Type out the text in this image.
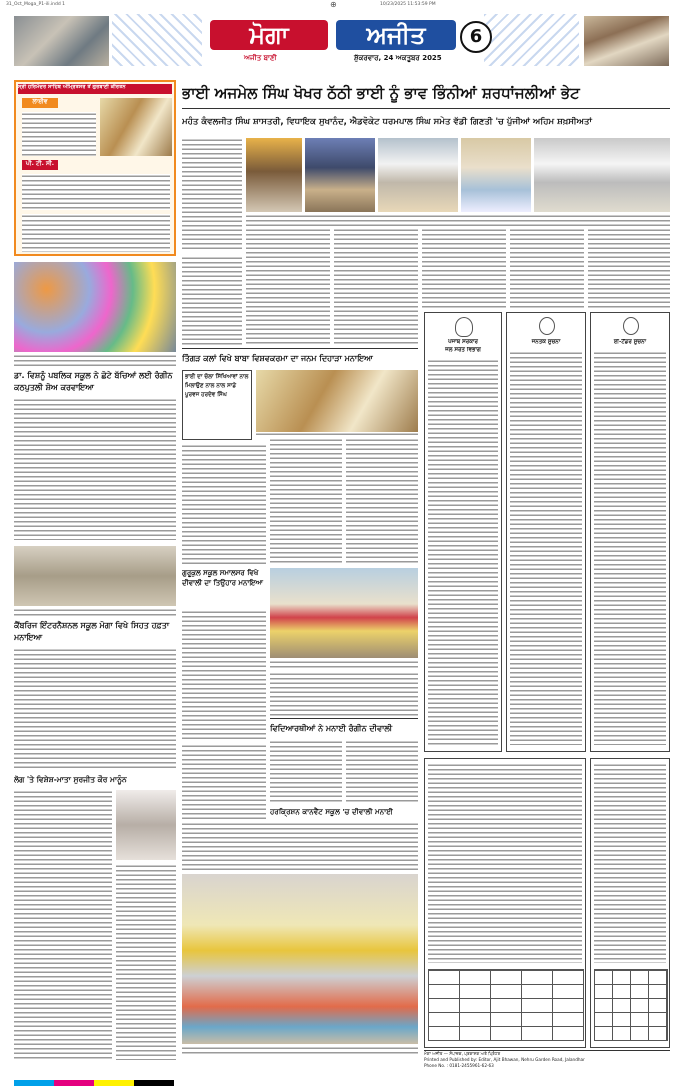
31_Oct_Moga_P1-ili.indd 1	⊕	10/23/2025 11:53:59 PM
ਮੋਗਾ	ਅਜੀਤ
ਅਜੀਤ ਬਾਣੀ	ਸ਼ੁੱਕਰਵਾਰ, 24 ਅਕਤੂਬਰ 2025
6
ਸ੍ਰੀ ਹਰਿਮੰਦਰ ਸਾਹਿਬ ਅੰਮ੍ਰਿਤਸਰ ਤੋਂ ਗੁਰਬਾਣੀ ਕੀਰਤਨ
ਲਾਈਵ
ਪੀ. ਟੀ. ਸੀ.
ਡਾ. ਵਿਸ਼ਨੂੰ ਪਬਲਿਕ ਸਕੂਲ ਨੇ ਛੋਟੇ ਬੱਚਿਆਂ ਲਈ ਰੰਗੀਨ ਕਠਪੁਤਲੀ ਸ਼ੋਅ ਕਰਵਾਇਆ
ਕੈਂਬਰਿਜ ਇੰਟਰਨੈਸ਼ਨਲ ਸਕੂਲ ਮੋਗਾ ਵਿਖੇ ਸਿਹਤ ਹਫ਼ਤਾ ਮਨਾਇਆ
ਲੋਗ 'ਤੇ ਵਿਸ਼ੇਸ਼-ਮਾਤਾ ਸੁਰਜੀਤ ਕੌਰ ਮਾਨੂੰਨ
ਭਾਈ ਅਜਮੇਲ ਸਿੰਘ ਖੋਖਰ ਠੱਠੀ ਭਾਈ ਨੂੰ ਭਾਵ ਭਿੰਨੀਆਂ ਸ਼ਰਧਾਂਜਲੀਆਂ ਭੇਟ
ਮਹੰਤ ਕੰਵਲਜੀਤ ਸਿੰਘ ਸ਼ਾਸਤਰੀ, ਵਿਧਾਇਕ ਸੁਖਾਨੰਦ, ਐਡਵੋਕੇਟ ਧਰਮਪਾਲ ਸਿੰਘ ਸਮੇਤ ਵੱਡੀ ਗਿਣਤੀ 'ਚ ਪੁੱਜੀਆਂ ਅਹਿਮ ਸ਼ਖ਼ਸੀਅਤਾਂ
ਤਿੰਗੜ ਕਲਾਂ ਵਿਖੇ ਬਾਬਾ ਵਿਸ਼ਵਕਰਮਾ ਦਾ ਜਨਮ ਦਿਹਾੜਾ ਮਨਾਇਆ
ਭਾਈ ਦਾ ਚੋਲਾ ਸਿੱਖਿਆਵਾਂ ਨਾਲ ਮਿਲਾਉਣ ਨਾਲ ਨਾਲ ਸਾਡੇ ਪੂਰਵਜ ਹਰਦੇਵ ਸਿੰਘ
ਗੁਰੂਕੁਲ ਸਕੂਲ ਸਮਾਲਸਰ ਵਿਖੇ ਦੀਵਾਲੀ ਦਾ ਤਿਉਹਾਰ ਮਨਾਇਆ
ਵਿਦਿਆਰਥੀਆਂ ਨੇ ਮਨਾਈ ਰੰਗੀਨ ਦੀਵਾਲੀ
ਹਰਕ੍ਰਿਸ਼ਨ ਕਾਨਵੈਂਟ ਸਕੂਲ 'ਚ ਦੀਵਾਲੀ ਮਨਾਈ
ਪੰਜਾਬ ਸਰਕਾਰ
ਜਲ ਸਰੋਤ ਵਿਭਾਗ
ਜਨਤਕ ਸੂਚਨਾ	ਈ-ਟੈਂਡਰ ਸੂਚਨਾ
ਮੋਗਾ ਅਜੀਤ — ਸੰਪਾਦਕ, ਪ੍ਰਕਾਸ਼ਕ ਅਤੇ ਪ੍ਰਿੰਟਰ
Printed and Published by: Editor, Ajit Bhawan, Nehru Garden Road, Jalandhar
Phone No. : 0181-2455961-62-63
